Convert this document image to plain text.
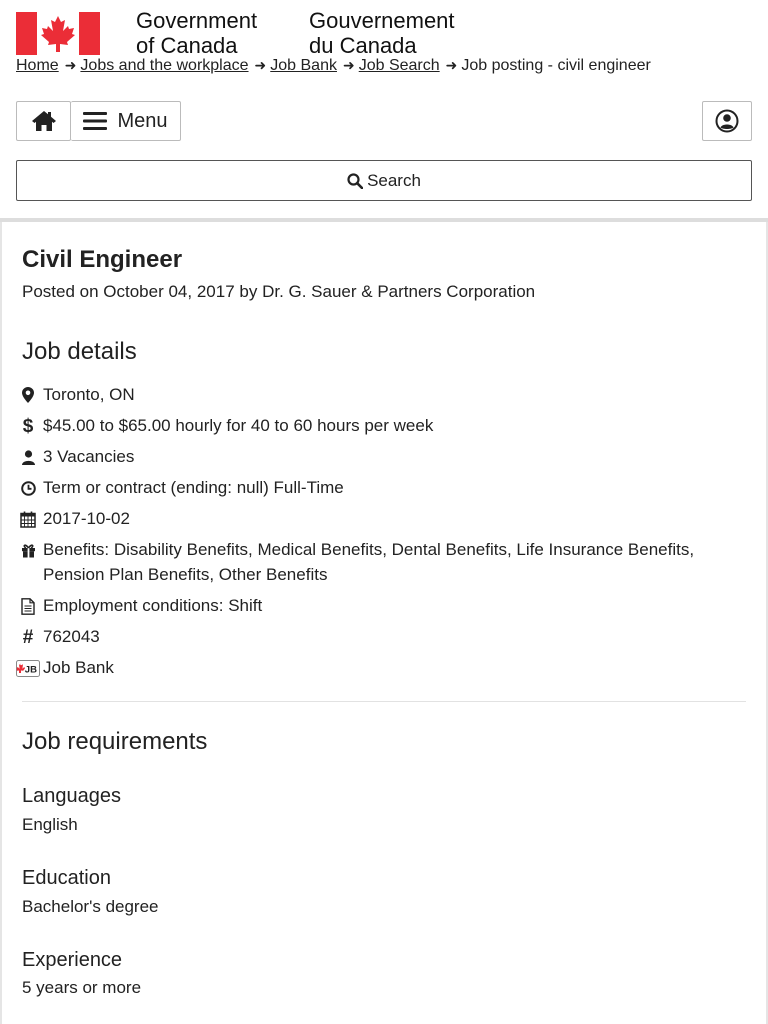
Government
of Canada
Gouvernement
du Canada
Home ➜ Jobs and the workplace ➜ Job Bank ➜ Job Search ➜ Job posting - civil engineer
Menu
Search
Civil Engineer
Posted on October 04, 2017 by Dr. G. Sauer & Partners Corporation
Job details
Toronto, ON
$ $45.00 to $65.00 hourly for 40 to 60 hours per week
3 Vacancies
Term or contract (ending: null) Full-Time
2017-10-02
Benefits: Disability Benefits, Medical Benefits, Dental Benefits, Life Insurance Benefits, Pension Plan Benefits, Other Benefits
Employment conditions: Shift
# 762043
JB Job Bank
Job requirements
Languages
English
Education
Bachelor's degree
Experience
5 years or more
